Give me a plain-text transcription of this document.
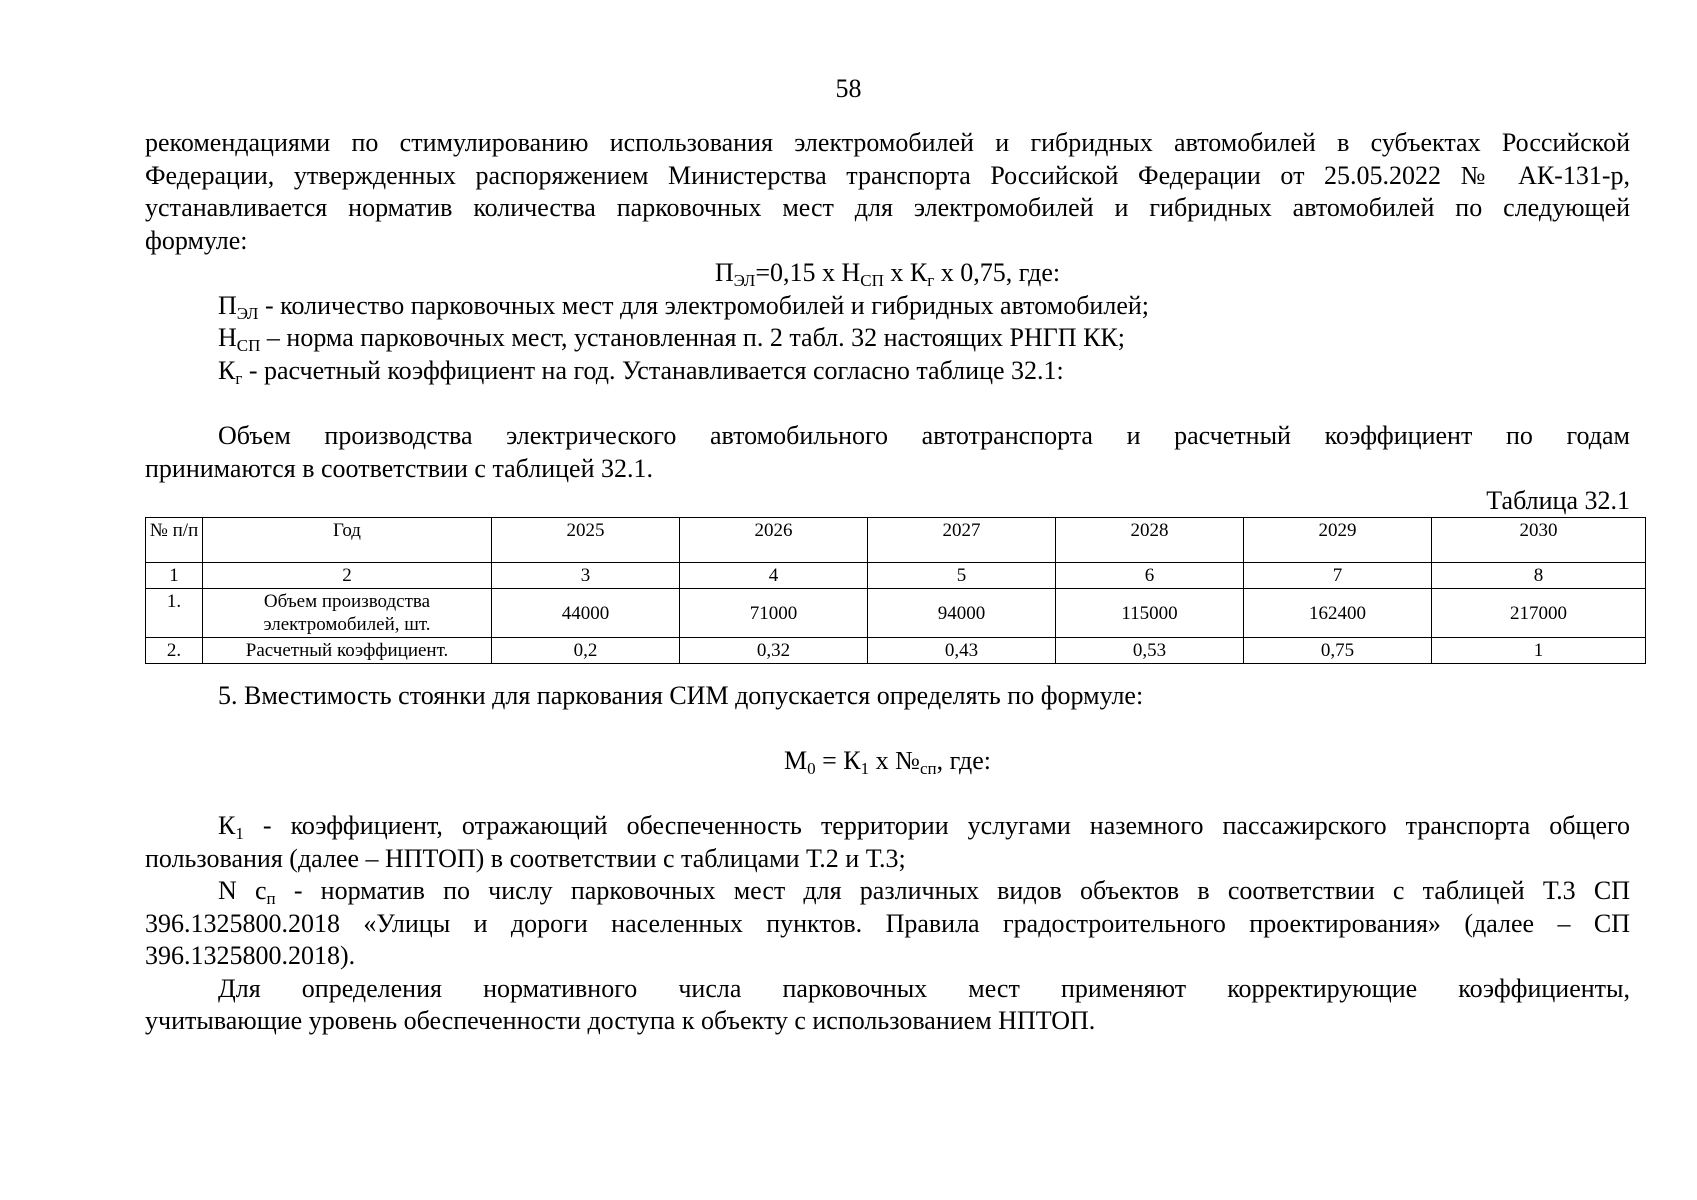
58

рекомендациями по стимулированию использования электромобилей и гибридных автомобилей в субъектах Российской

Федерации, утвержденных распоряжением Министерства транспорта Российской Федерации от 25.05.2022 № АК-131-р,

устанавливается норматив количества парковочных мест для электромобилей и гибридных автомобилей по следующей

формуле:

$П_{ЭЛ}=0,15$ х $Н_{СП}$ х $К_г$ х 0,75, где:

$П_{ЭЛ}$ - количество парковочных мест для электромобилей и гибридных автомобилей;

$Н_{СП}$ – норма парковочных мест, установленная п. 2 табл. 32 настоящих РНГП КК;

$К_г$ - расчетный коэффициент на год. Устанавливается согласно таблице 32.1:

Объем производства электрического автомобильного автотранспорта и расчетный коэффициент по годам

принимаются в соответствии с таблицей 32.1.

Таблица 32.1
№ п/п	Год	2025	2026	2027	2028	2029	2030
1	2	3	4	5	6	7	8
1.	Объем производства электромобилей, шт.	44000	71000	94000	115000	162400	217000
2.	Расчетный коэффициент.	0,2	0,32	0,43	0,53	0,75	1

5. Вместимость стоянки для паркования СИМ допускается определять по формуле:

$М_0 = К_1$ х $№_{сп}$, где:

$К_1$ - коэффициент, отражающий обеспеченность территории услугами наземного пассажирского транспорта общего

пользования (далее – НПТОП) в соответствии с таблицами Т.2 и Т.3;

N $с_п$ - норматив по числу парковочных мест для различных видов объектов в соответствии с таблицей Т.3 СП

396.1325800.2018 «Улицы и дороги населенных пунктов. Правила градостроительного проектирования» (далее – СП

396.1325800.2018).

Для определения нормативного числа парковочных мест применяют корректирующие коэффициенты,

учитывающие уровень обеспеченности доступа к объекту с использованием НПТОП.
